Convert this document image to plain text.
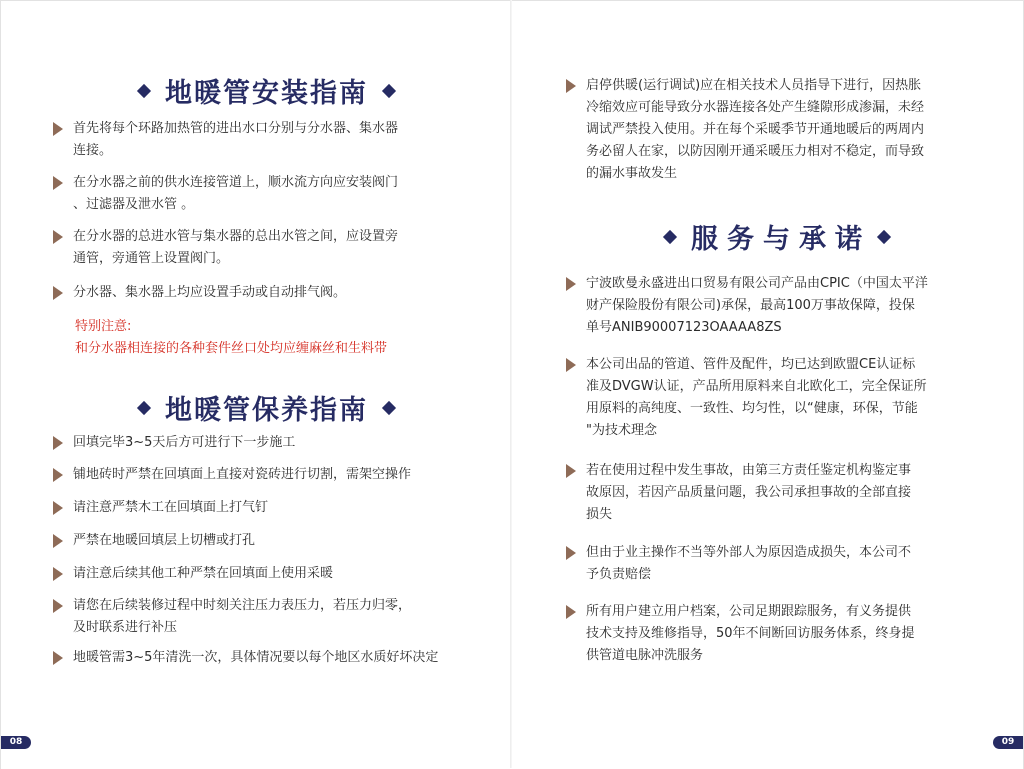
地暖管安装指南
首先将每个环路加热管的进出水口分别与分水器、集水器
连接。
在分水器之前的供水连接管道上，顺水流方向应安装阀门
、过滤器及泄水管 。
在分水器的总进水管与集水器的总出水管之间，应设置旁
通管，旁通管上设置阀门。
分水器、集水器上均应设置手动或自动排气阀。
特别注意:
和分水器相连接的各种套件丝口处均应缠麻丝和生料带
地暖管保养指南
回填完毕3~5天后方可进行下一步施工
铺地砖时严禁在回填面上直接对瓷砖进行切割，需架空操作
请注意严禁木工在回填面上打气钉
严禁在地暖回填层上切槽或打孔
请注意后续其他工种严禁在回填面上使用采暖
请您在后续装修过程中时刻关注压力表压力，若压力归零，
及时联系进行补压
地暖管需3~5年清洗一次，具体情况要以每个地区水质好坏决定
08
启停供暖(运行调试)应在相关技术人员指导下进行，因热胀
冷缩效应可能导致分水器连接各处产生缝隙形成渗漏，未经
调试严禁投入使用。并在每个采暖季节开通地暖后的两周内
务必留人在家，以防因刚开通采暖压力相对不稳定，而导致
的漏水事故发生
服务与承诺
宁波欧曼永盛进出口贸易有限公司产品由CPIC（中国太平洋
财产保险股份有限公司)承保，最高100万事故保障，投保
单号ANIB90007123OAAAA8ZS
本公司出品的管道、管件及配件，均已达到欧盟CE认证标
准及DVGW认证，产品所用原料来自北欧化工，完全保证所
用原料的高纯度、一致性、均匀性，以“健康，环保，节能
"为技术理念
若在使用过程中发生事故，由第三方责任鉴定机构鉴定事
故原因，若因产品质量问题，我公司承担事故的全部直接
损失
但由于业主操作不当等外部人为原因造成损失，本公司不
予负责赔偿
所有用户建立用户档案，公司足期跟踪服务，有义务提供
技术支持及维修指导，50年不间断回访服务体系，终身提
供管道电脉冲洗服务
09
